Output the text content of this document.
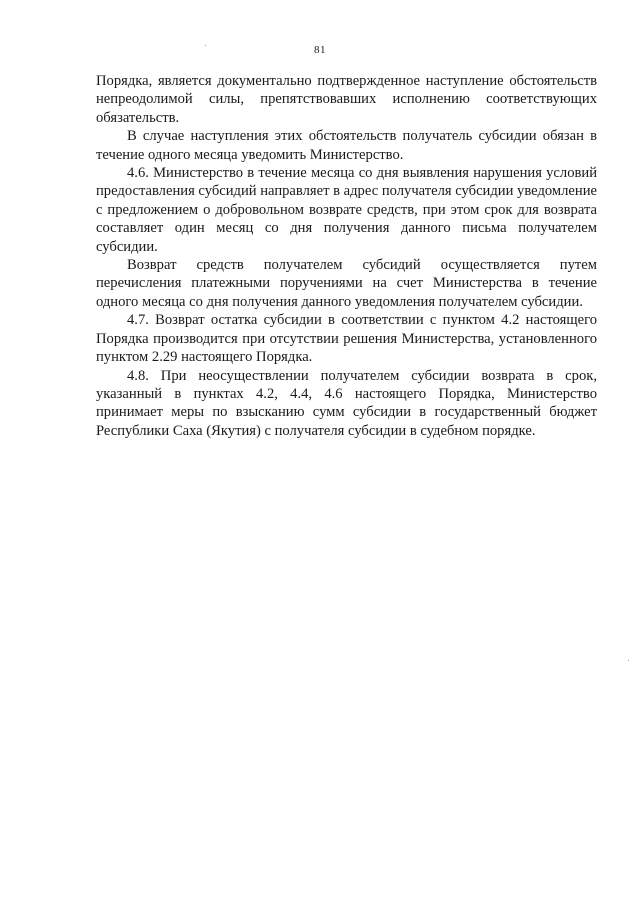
81

Порядка, является документально подтвержденное наступление обстоятельств непреодолимой силы, препятствовавших исполнению соответствующих обязательств.

В случае наступления этих обстоятельств получатель субсидии обязан в течение одного месяца уведомить Министерство.

4.6. Министерство в течение месяца со дня выявления нарушения условий предоставления субсидий направляет в адрес получателя субсидии уведомление с предложением о добровольном возврате средств, при этом срок для возврата составляет один месяц со дня получения данного письма получателем субсидии.

Возврат средств получателем субсидий осуществляется путем перечисления платежными поручениями на счет Министерства в течение одного месяца со дня получения данного уведомления получателем субсидии.

4.7. Возврат остатка субсидии в соответствии с пунктом 4.2 настоящего Порядка производится при отсутствии решения Министерства, установленного пунктом 2.29 настоящего Порядка.

4.8. При неосуществлении получателем субсидии возврата в срок, указанный в пунктах 4.2, 4.4, 4.6 настоящего Порядка, Министерство принимает меры по взысканию сумм субсидии в государственный бюджет Республики Саха (Якутия) с получателя субсидии в судебном порядке.
